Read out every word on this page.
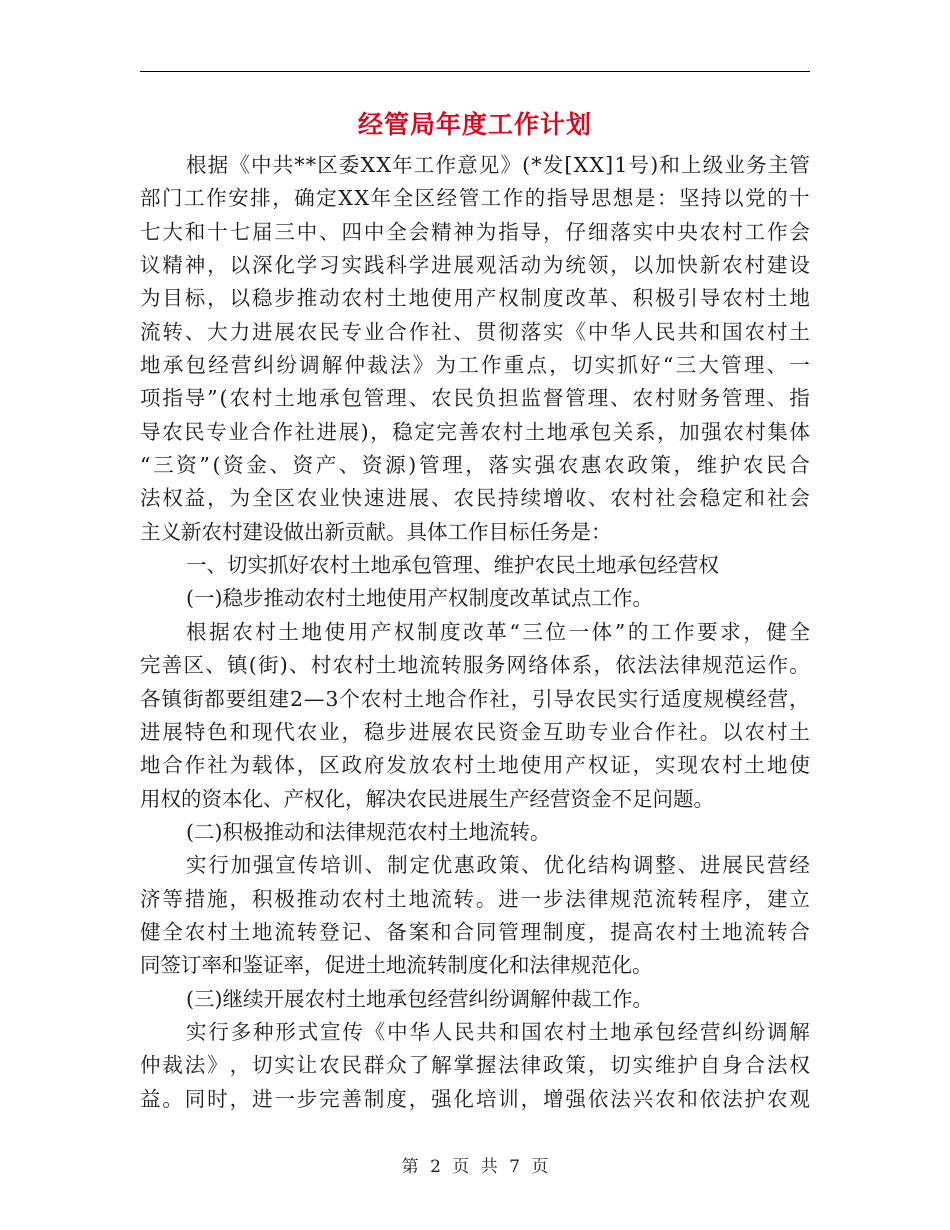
经管局年度工作计划
根 据 《 中 共 * * 区 委 X X 年 工 作 意 见 》 ( * 发 [ X X ] 1 号 ) 和 上 级 业 务 主 管
部 门 工 作 安 排 ， 确 定 X X 年 全 区 经 管 工 作 的 指 导 思 想 是 ： 坚 持 以 党 的 十
七 大 和 十 七 届 三 中 、 四 中 全 会 精 神 为 指 导 ， 仔 细 落 实 中 央 农 村 工 作 会
议 精 神 ， 以 深 化 学 习 实 践 科 学 进 展 观 活 动 为 统 领 ， 以 加 快 新 农 村 建 设
为 目 标 ， 以 稳 步 推 动 农 村 土 地 使 用 产 权 制 度 改 革 、 积 极 引 导 农 村 土 地
流 转 、 大 力 进 展 农 民 专 业 合 作 社 、 贯 彻 落 实 《 中 华 人 民 共 和 国 农 村 土
地 承 包 经 营 纠 纷 调 解 仲 裁 法 》 为 工 作 重 点 ， 切 实 抓 好 “ 三 大 管 理 、 一
项 指 导 ” ( 农 村 土 地 承 包 管 理 、 农 民 负 担 监 督 管 理 、 农 村 财 务 管 理 、 指
导 农 民 专 业 合 作 社 进 展 ) ， 稳 定 完 善 农 村 土 地 承 包 关 系 ， 加 强 农 村 集 体
“ 三 资 ” ( 资 金 、 资 产 、 资 源 ) 管 理 ， 落 实 强 农 惠 农 政 策 ， 维 护 农 民 合
法 权 益 ， 为 全 区 农 业 快 速 进 展 、 农 民 持 续 增 收 、 农 村 社 会 稳 定 和 社 会
主义新农村建设做出新贡献。具体工作目标任务是：
一、切实抓好农村土地承包管理、维护农民土地承包经营权
(一)稳步推动农村土地使用产权制度改革试点工作。
根 据 农 村 土 地 使 用 产 权 制 度 改 革 “ 三 位 一 体 ” 的 工 作 要 求 ， 健 全
完 善 区 、 镇 ( 街 ) 、 村 农 村 土 地 流 转 服 务 网 络 体 系 ， 依 法 法 律 规 范 运 作 。
各 镇 街 都 要 组 建 2 — 3 个 农 村 土 地 合 作 社 ， 引 导 农 民 实 行 适 度 规 模 经 营 ，
进 展 特 色 和 现 代 农 业 ， 稳 步 进 展 农 民 资 金 互 助 专 业 合 作 社 。 以 农 村 土
地 合 作 社 为 载 体 ， 区 政 府 发 放 农 村 土 地 使 用 产 权 证 ， 实 现 农 村 土 地 使
用权的资本化、产权化，解决农民进展生产经营资金不足问题。
(二)积极推动和法律规范农村土地流转。
实 行 加 强 宣 传 培 训 、 制 定 优 惠 政 策 、 优 化 结 构 调 整 、 进 展 民 营 经
济 等 措 施 ， 积 极 推 动 农 村 土 地 流 转 。 进 一 步 法 律 规 范 流 转 程 序 ， 建 立
健 全 农 村 土 地 流 转 登 记 、 备 案 和 合 同 管 理 制 度 ， 提 高 农 村 土 地 流 转 合
同签订率和鉴证率，促进土地流转制度化和法律规范化。
(三)继续开展农村土地承包经营纠纷调解仲裁工作。
实 行 多 种 形 式 宣 传 《 中 华 人 民 共 和 国 农 村 土 地 承 包 经 营 纠 纷 调 解
仲 裁 法 》 ， 切 实 让 农 民 群 众 了 解 掌 握 法 律 政 策 ， 切 实 维 护 自 身 合 法 权
益 。 同 时 ， 进 一 步 完 善 制 度 ， 强 化 培 训 ， 增 强 依 法 兴 农 和 依 法 护 农 观
第 2 页 共 7 页
